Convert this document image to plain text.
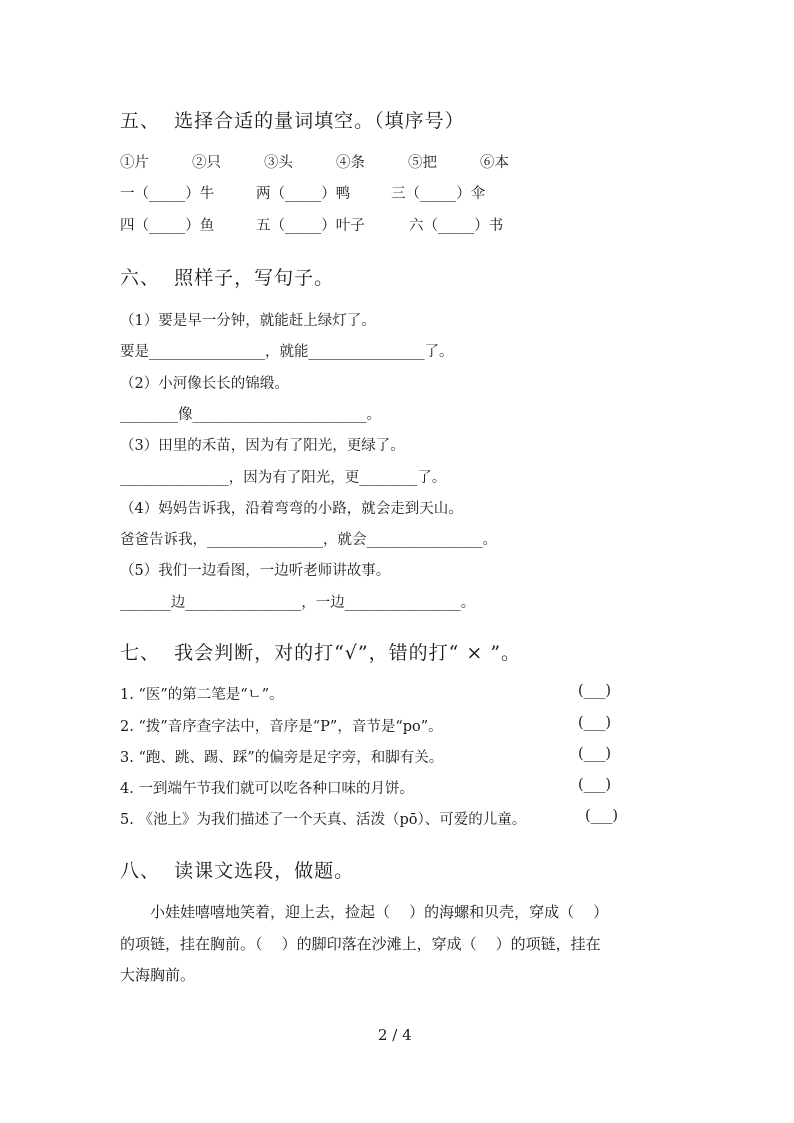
五、  选择合适的量词填空。（填序号）
①片	②只	③头	④条	⑤把	⑥本
一（_____）牛	两（_____）鸭	三（_____）伞
四（_____）鱼	五（_____）叶子	六（_____）书
六、  照样子，写句子。
（1）要是早一分钟，就能赶上绿灯了。
要是________________，就能________________了。
（2）小河像长长的锦缎。
________像________________________。
（3）田里的禾苗，因为有了阳光，更绿了。
_______________，因为有了阳光，更________了。
（4）妈妈告诉我，沿着弯弯的小路，就会走到天山。
爸爸告诉我，________________，就会________________。
（5）我们一边看图，一边听老师讲故事。
_______边________________，一边________________。
七、  我会判断，对的打“√”，错的打“ × ”。
1. “医”的第二笔是“ㄴ”。	(___)
2. “拨”音序查字法中，音序是“P”，音节是“po”。	(___)
3. “跑、跳、踢、踩”的偏旁是足字旁，和脚有关。	(___)
4. 一到端午节我们就可以吃各种口味的月饼。	(___)
5. 《池上》为我们描述了一个天真、活泼（pō）、可爱的儿童。	(___)
八、  读课文选段，做题。
小娃娃嘻嘻地笑着，迎上去，捡起（    ）的海螺和贝壳，穿成（    ）
的项链，挂在胸前。（    ）的脚印落在沙滩上，穿成（    ）的项链，挂在
大海胸前。
2 / 4
